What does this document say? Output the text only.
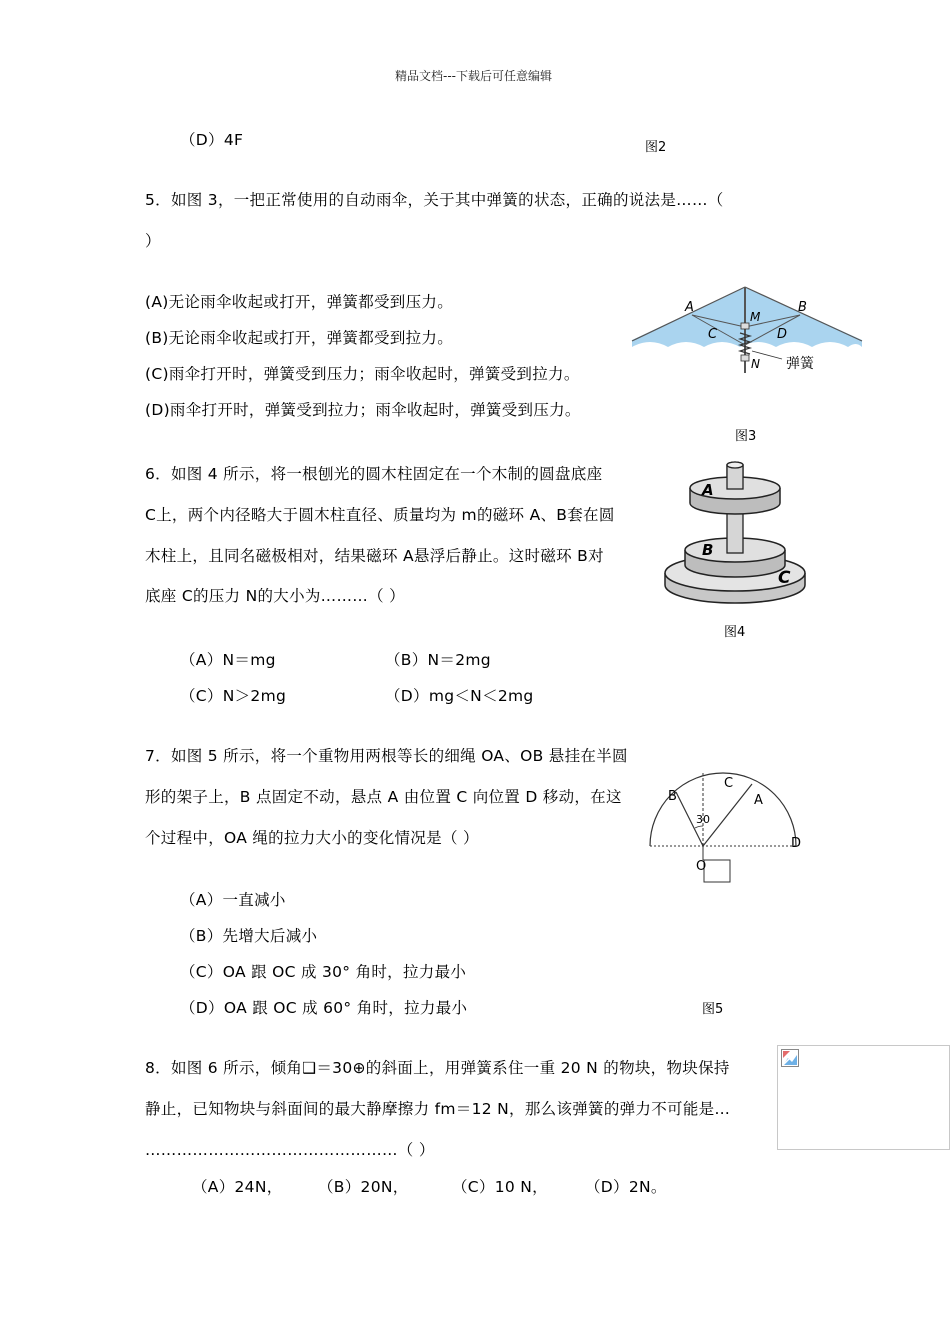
精品文档---下载后可任意编辑
（D）4F	图2
5．如图 3，一把正常使用的自动雨伞，关于其中弹簧的状态，正确的说法是……（
）
(A)无论雨伞收起或打开，弹簧都受到压力。
(B)无论雨伞收起或打开，弹簧都受到拉力。
(C)雨伞打开时，弹簧受到压力；雨伞收起时，弹簧受到拉力。
(D)雨伞打开时，弹簧受到拉力；雨伞收起时，弹簧受到压力。
A	B
C	D
M
N 弹簧
图3
6．如图 4 所示，将一根刨光的圆木柱固定在一个木制的圆盘底座
C上，两个内径略大于圆木柱直径、质量均为 m的磁环 A、B套在圆
木柱上，且同名磁极相对，结果磁环 A悬浮后静止。这时磁环 B对
底座 C的压力 N的大小为………（ ）
（A）N＝mg	（B）N＝2mg
（C）N＞2mg	（D）mg＜N＜2mg
A
B
C
图4
7．如图 5 所示，将一个重物用两根等长的细绳 OA、OB 悬挂在半圆
形的架子上，B 点固定不动，悬点 A 由位置 C 向位置 D 移动，在这
个过程中，OA 绳的拉力大小的变化情况是（ ）
（A）一直减小
（B）先增大后减小
（C）OA 跟 OC 成 30° 角时，拉力最小
（D）OA 跟 OC 成 60° 角时，拉力最小
B
C
A
D
O
30
图5
8．如图 6 所示，倾角❑＝30⊕的斜面上，用弹簧系住一重 20 N 的物块，物块保持
静止，已知物块与斜面间的最大静摩擦力 fm＝12 N，那么该弹簧的弹力不可能是…
…………………………………………（ ）
（A）24N， （B）20N，	（C）10 N， （D）2N。
